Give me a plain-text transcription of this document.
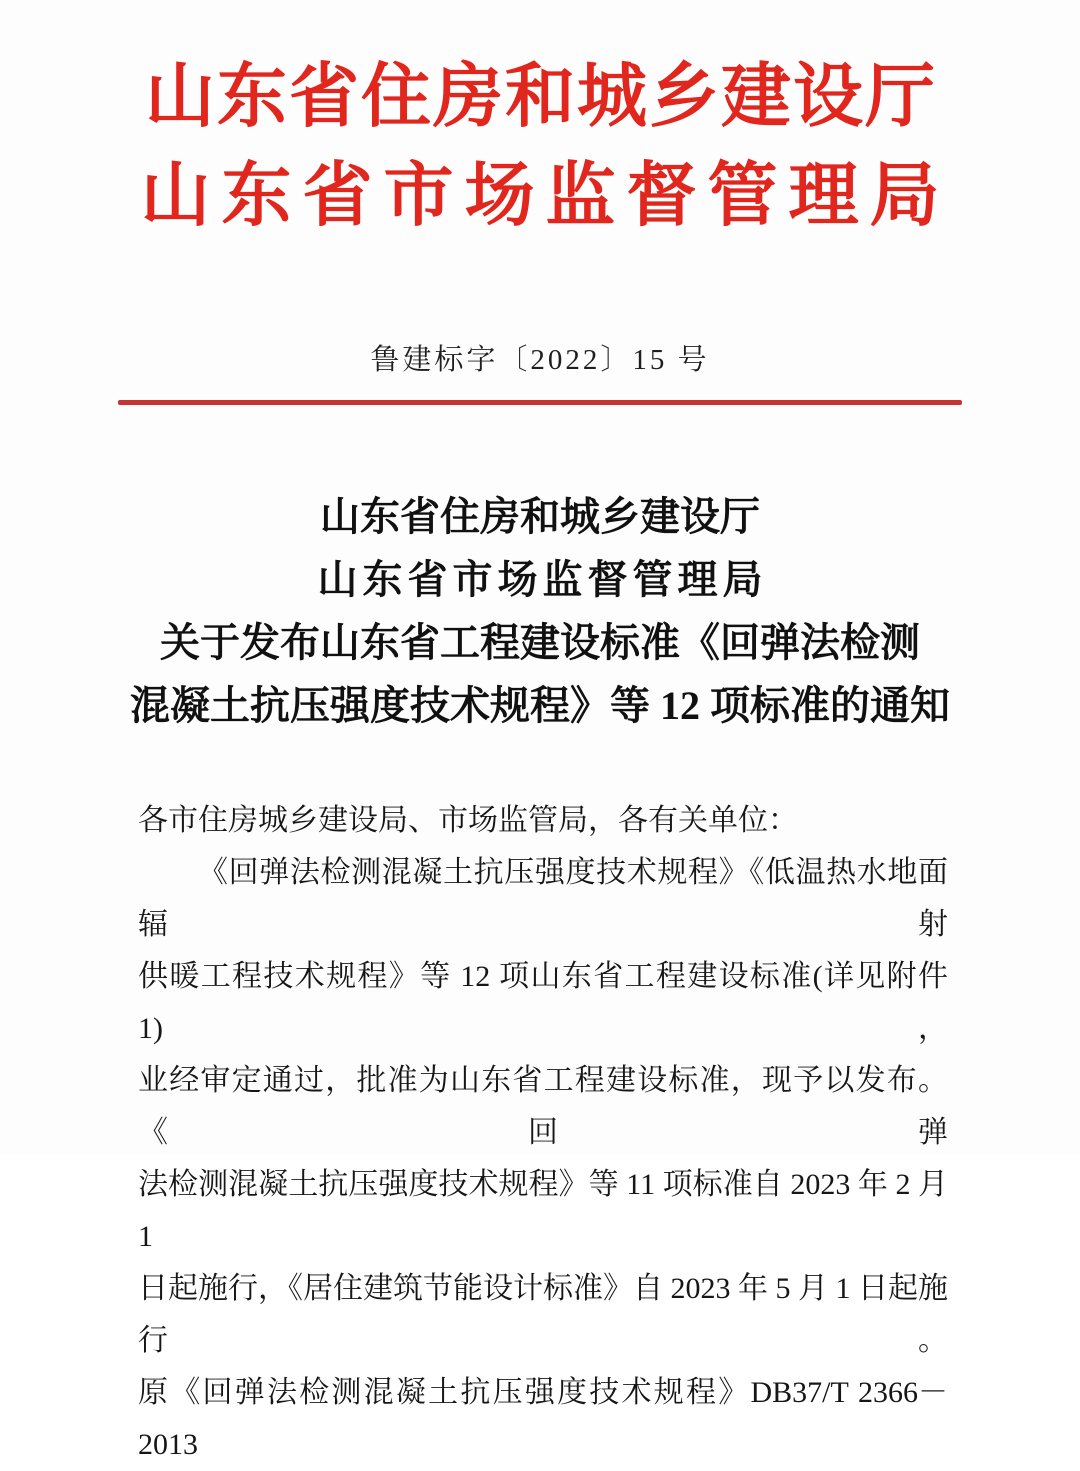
山东省住房和城乡建设厅
山东省市场监督管理局
鲁建标字〔2022〕15 号
山东省住房和城乡建设厅
山东省市场监督管理局
关于发布山东省工程建设标准《回弹法检测
混凝土抗压强度技术规程》等 12 项标准的通知
各市住房城乡建设局、市场监管局，各有关单位：
《回弹法检测混凝土抗压强度技术规程》《低温热水地面辐射
供暖工程技术规程》等 12 项山东省工程建设标准(详见附件 1)，
业经审定通过，批准为山东省工程建设标准，现予以发布。《回弹
法检测混凝土抗压强度技术规程》等 11 项标准自 2023 年 2 月 1
日起施行，《居住建筑节能设计标准》自 2023 年 5 月 1 日起施行。
原《回弹法检测混凝土抗压强度技术规程》DB37/T 2366－2013
